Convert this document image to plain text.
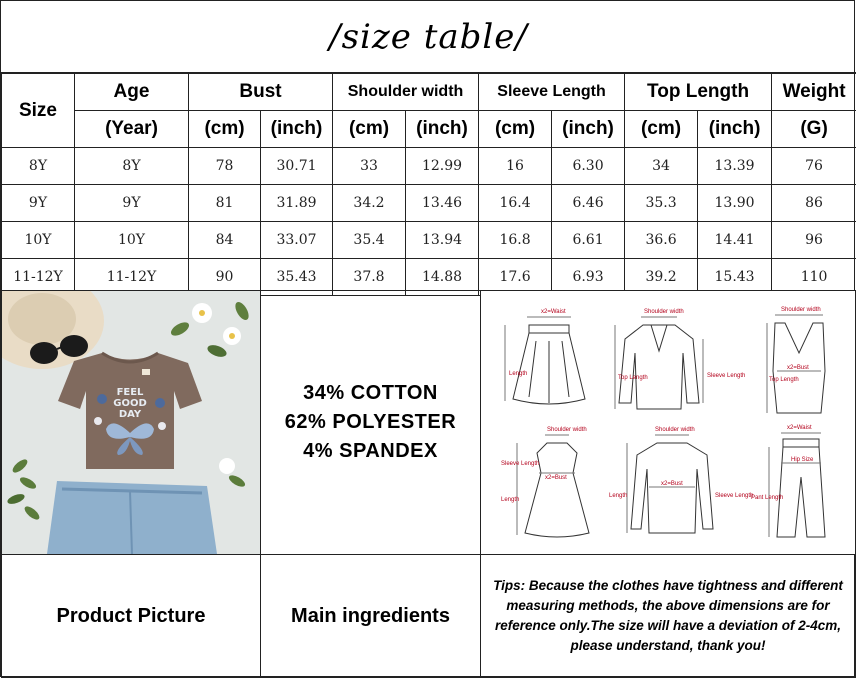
/size table/
Size	Age	Bust		Shoulder width		Sleeve Length		Top Length		Weight
	(Year)	(cm)	(inch)	(cm)	(inch)	(cm)	(inch)	(cm)	(inch)	(G)
8Y	8Y	78	30.71	33	12.99	16	6.30	34	13.39	76
9Y	9Y	81	31.89	34.2	13.46	16.4	6.46	35.3	13.90	86
10Y	10Y	84	33.07	35.4	13.94	16.8	6.61	36.6	14.41	96
11-12Y	11-12Y	90	35.43	37.8	14.88	17.6	6.93	39.2	15.43	110
FEEL
GOOD
DAY
34% COTTON
62% POLYESTER
4% SPANDEX
x2=Waist
Length
Shoulder width
Top Length	Sleeve Length
Shoulder width
x2=Bust
Top Length
Shoulder width
Sleeve Length
x2=Bust
Length
Shoulder width
x2=Bust
Length	Sleeve Length
x2=Waist
Hip Size
Pant Length
Product Picture	Main ingredients
Tips: Because the clothes have tightness and different measuring methods, the above dimensions are for reference only.The size will have a deviation of 2-4cm, please understand, thank you!
